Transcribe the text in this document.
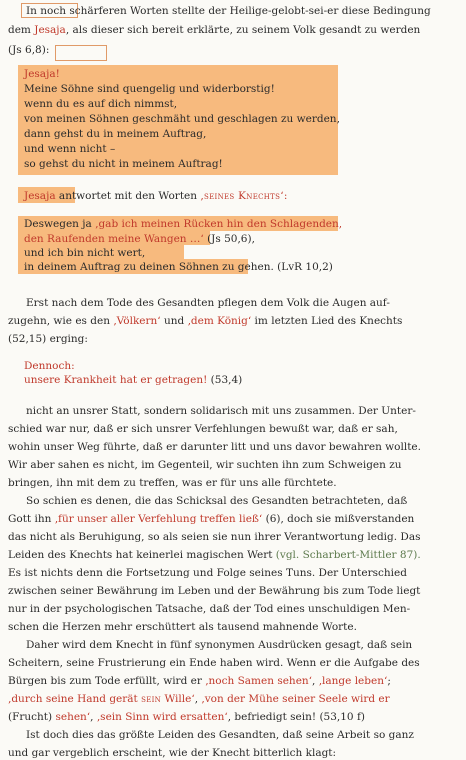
In noch schärferen Worten stellte der Heilige-gelobt-sei-er diese Bedingung
dem Jesaja, als dieser sich bereit erklärte, zu seinem Volk gesandt zu werden
(Js 6,8):
Jesaja!
Meine Söhne sind quengelig und widerborstig!
wenn du es auf dich nimmst,
von meinen Söhnen geschmäht und geschlagen zu werden,
dann gehst du in meinem Auftrag,
und wenn nicht –
so gehst du nicht in meinem Auftrag!
Jesaja antwortet mit den Worten ‚seines Knechts‘:
Deswegen ja ‚gab ich meinen Rücken hin den Schlagenden,
den Raufenden meine Wangen …‘ (Js 50,6),
und ich bin nicht wert,
in deinem Auftrag zu deinen Söhnen zu gehen. (LvR 10,2)
Erst nach dem Tode des Gesandten pflegen dem Volk die Augen auf-
zugehn, wie es den ‚Völkern‘ und ‚dem König‘ im letzten Lied des Knechts
(52,15) erging:
Dennoch:
unsere Krankheit hat er getragen! (53,4)
nicht an unsrer Statt, sondern solidarisch mit uns zusammen. Der Unter-
schied war nur, daß er sich unsrer Verfehlungen bewußt war, daß er sah,
wohin unser Weg führte, daß er darunter litt und uns davor bewahren wollte.
Wir aber sahen es nicht, im Gegenteil, wir suchten ihn zum Schweigen zu
bringen, ihn mit dem zu treffen, was er für uns alle fürchtete.
So schien es denen, die das Schicksal des Gesandten betrachteten, daß
Gott ihn ‚für unser aller Verfehlung treffen ließ‘ (6), doch sie mißverstanden
das nicht als Beruhigung, so als seien sie nun ihrer Verantwortung ledig. Das
Leiden des Knechts hat keinerlei magischen Wert (vgl. Scharbert-Mittler 87).
Es ist nichts denn die Fortsetzung und Folge seines Tuns. Der Unterschied
zwischen seiner Bewährung im Leben und der Bewährung bis zum Tode liegt
nur in der psychologischen Tatsache, daß der Tod eines unschuldigen Men-
schen die Herzen mehr erschüttert als tausend mahnende Worte.
Daher wird dem Knecht in fünf synonymen Ausdrücken gesagt, daß sein
Scheitern, seine Frustrierung ein Ende haben wird. Wenn er die Aufgabe des
Bürgen bis zum Tode erfüllt, wird er ‚noch Samen sehen‘, ‚lange leben‘;
‚durch seine Hand gerät sein Wille‘, ‚von der Mühe seiner Seele wird er
(Frucht) sehen‘, ‚sein Sinn wird ersatten‘, befriedigt sein! (53,10 f)
Ist doch dies das größte Leiden des Gesandten, daß seine Arbeit so ganz
und gar vergeblich erscheint, wie der Knecht bitterlich klagt:
